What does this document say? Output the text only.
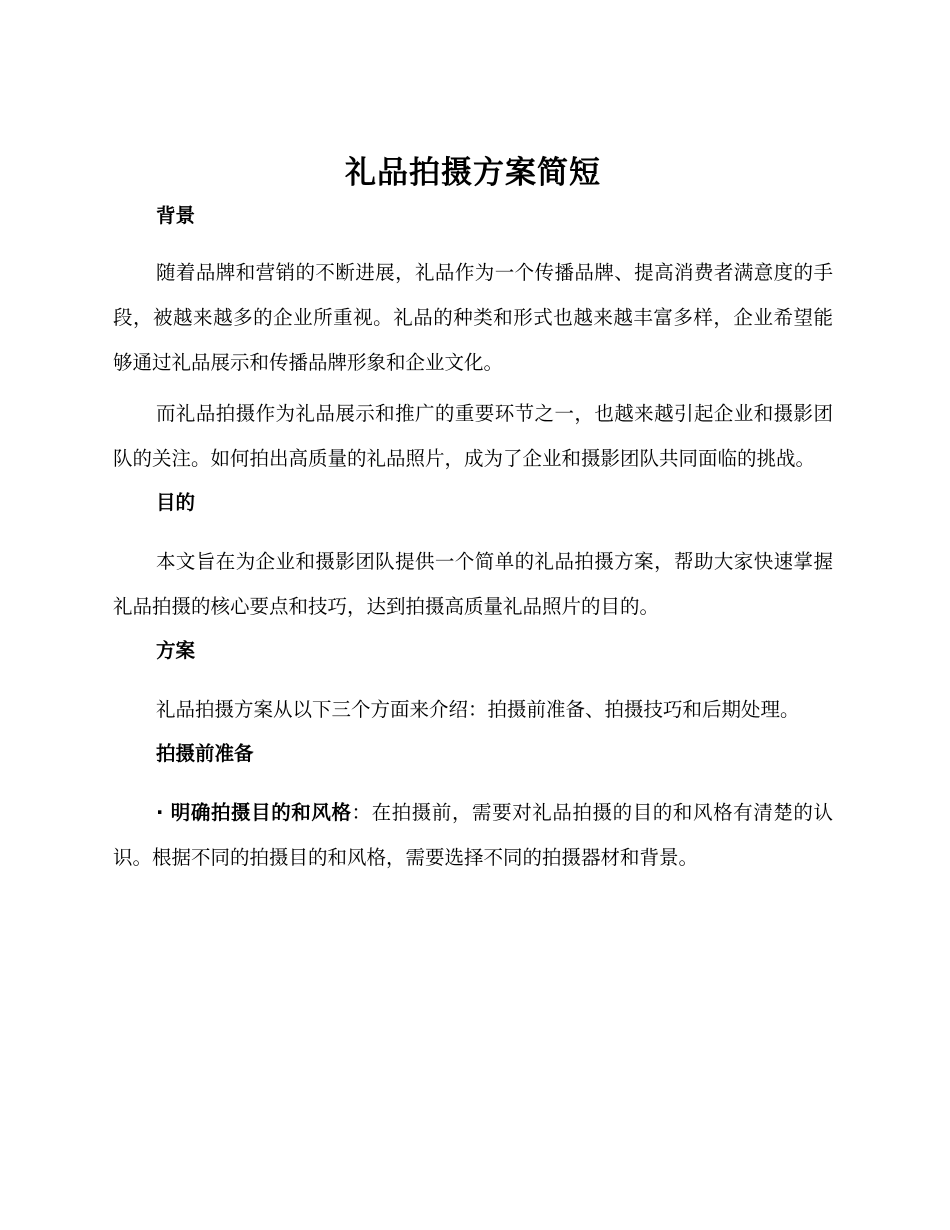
礼品拍摄方案简短
背景

随着品牌和营销的不断进展，礼品作为一个传播品牌、提高消费者满意度的手段，被越来越多的企业所重视。礼品的种类和形式也越来越丰富多样，企业希望能够通过礼品展示和传播品牌形象和企业文化。

而礼品拍摄作为礼品展示和推广的重要环节之一，也越来越引起企业和摄影团队的关注。如何拍出高质量的礼品照片，成为了企业和摄影团队共同面临的挑战。

目的

本文旨在为企业和摄影团队提供一个简单的礼品拍摄方案，帮助大家快速掌握礼品拍摄的核心要点和技巧，达到拍摄高质量礼品照片的目的。

方案

礼品拍摄方案从以下三个方面来介绍：拍摄前准备、拍摄技巧和后期处理。

拍摄前准备

· 明确拍摄目的和风格：在拍摄前，需要对礼品拍摄的目的和风格有清楚的认识。根据不同的拍摄目的和风格，需要选择不同的拍摄器材和背景。
